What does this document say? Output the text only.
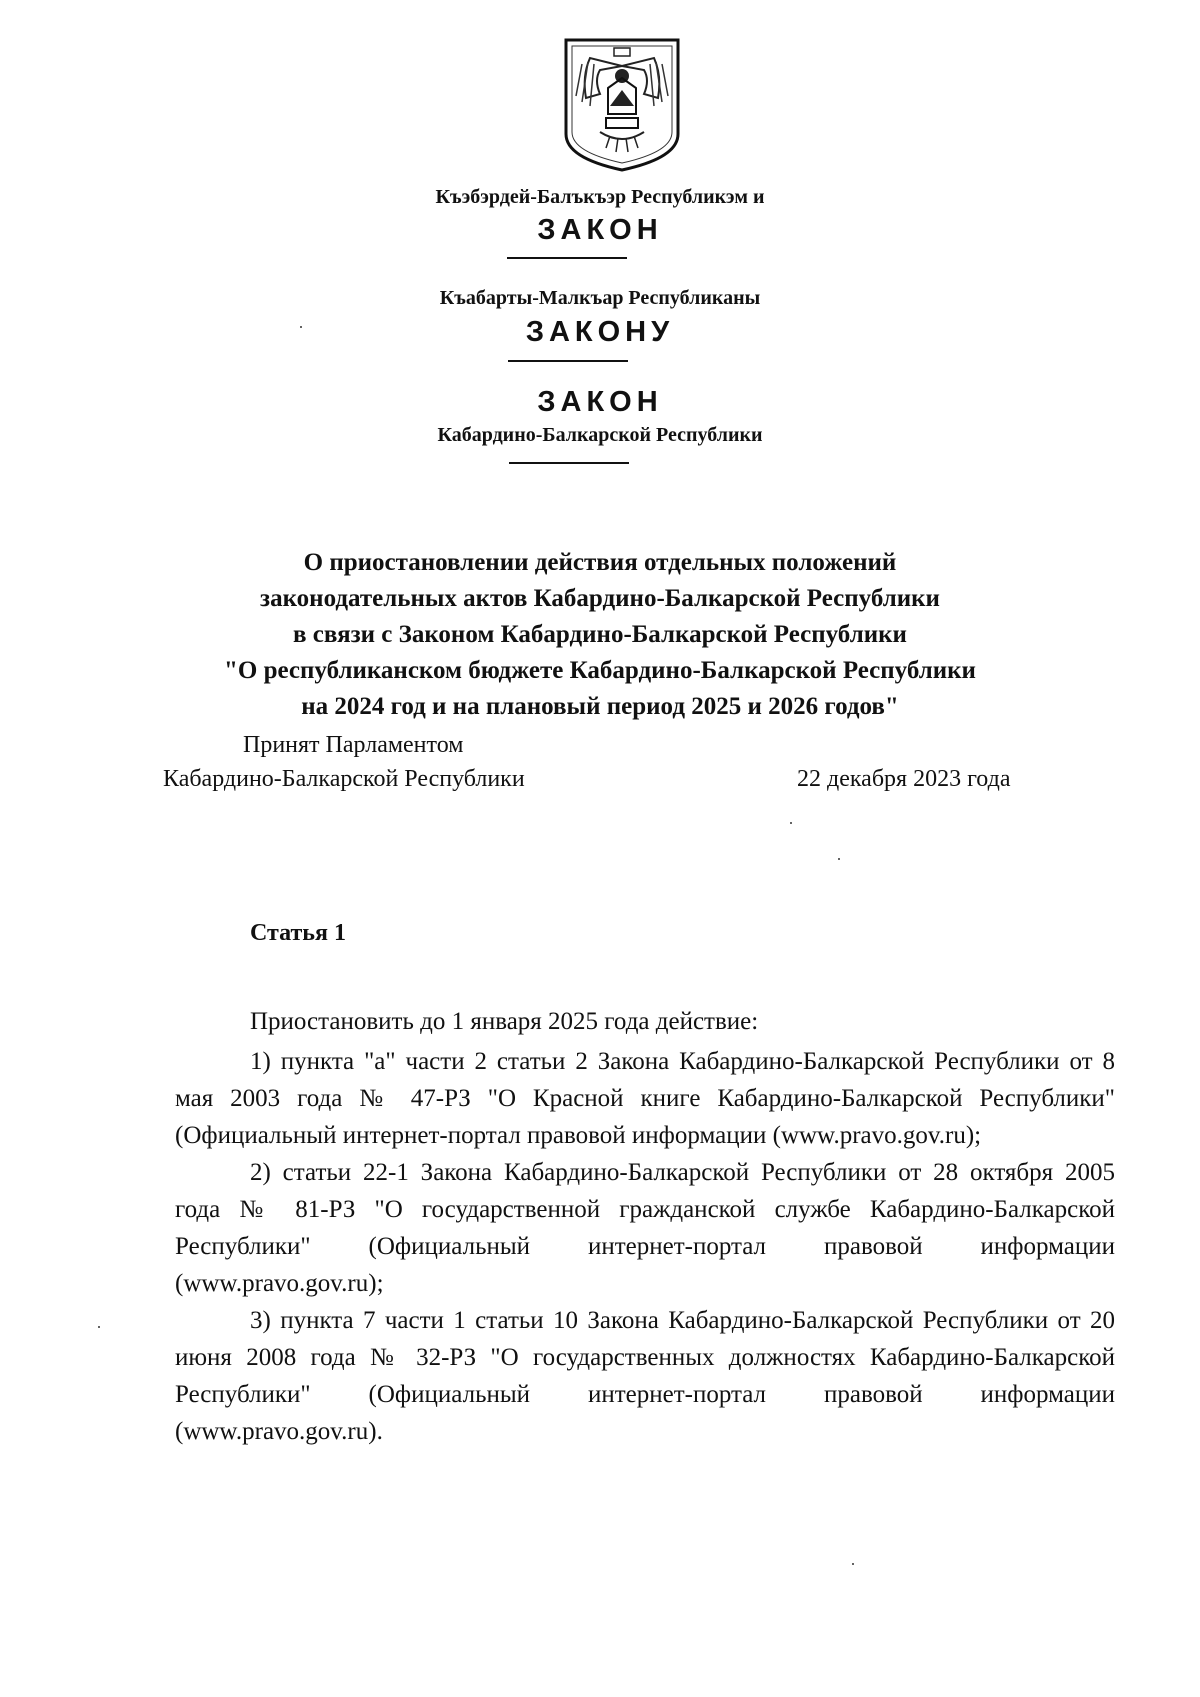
Къэбэрдей-Балъкъэр Республикэм и
ЗАКОН
Къабарты-Малкъар Республиканы
ЗАКОНУ
ЗАКОН
Кабардино-Балкарской Республики
О приостановлении действия отдельных положений
законодательных актов Кабардино-Балкарской Республики
в связи с Законом Кабардино-Балкарской Республики
"О республиканском бюджете Кабардино-Балкарской Республики
на 2024 год и на плановый период 2025 и 2026 годов"
Принят Парламентом
Кабардино-Балкарской Республики	22 декабря 2023 года
Статья 1

Приостановить до 1 января 2025 года действие:

1) пункта "а" части 2 статьи 2 Закона Кабардино-Балкарской Республики от 8 мая 2003 года № 47-РЗ "О Красной книге Кабардино-Балкарской Республики" (Официальный интернет-портал правовой информации (www.pravo.gov.ru);

2) статьи 22-1 Закона Кабардино-Балкарской Республики от 28 октября 2005 года № 81-РЗ "О государственной гражданской службе Кабардино-Балкарской Республики" (Официальный интернет-портал правовой информации (www.pravo.gov.ru);

3) пункта 7 части 1 статьи 10 Закона Кабардино-Балкарской Республики от 20 июня 2008 года № 32-РЗ "О государственных должностях Кабардино-Балкарской Республики" (Официальный интернет-портал правовой информации (www.pravo.gov.ru).
